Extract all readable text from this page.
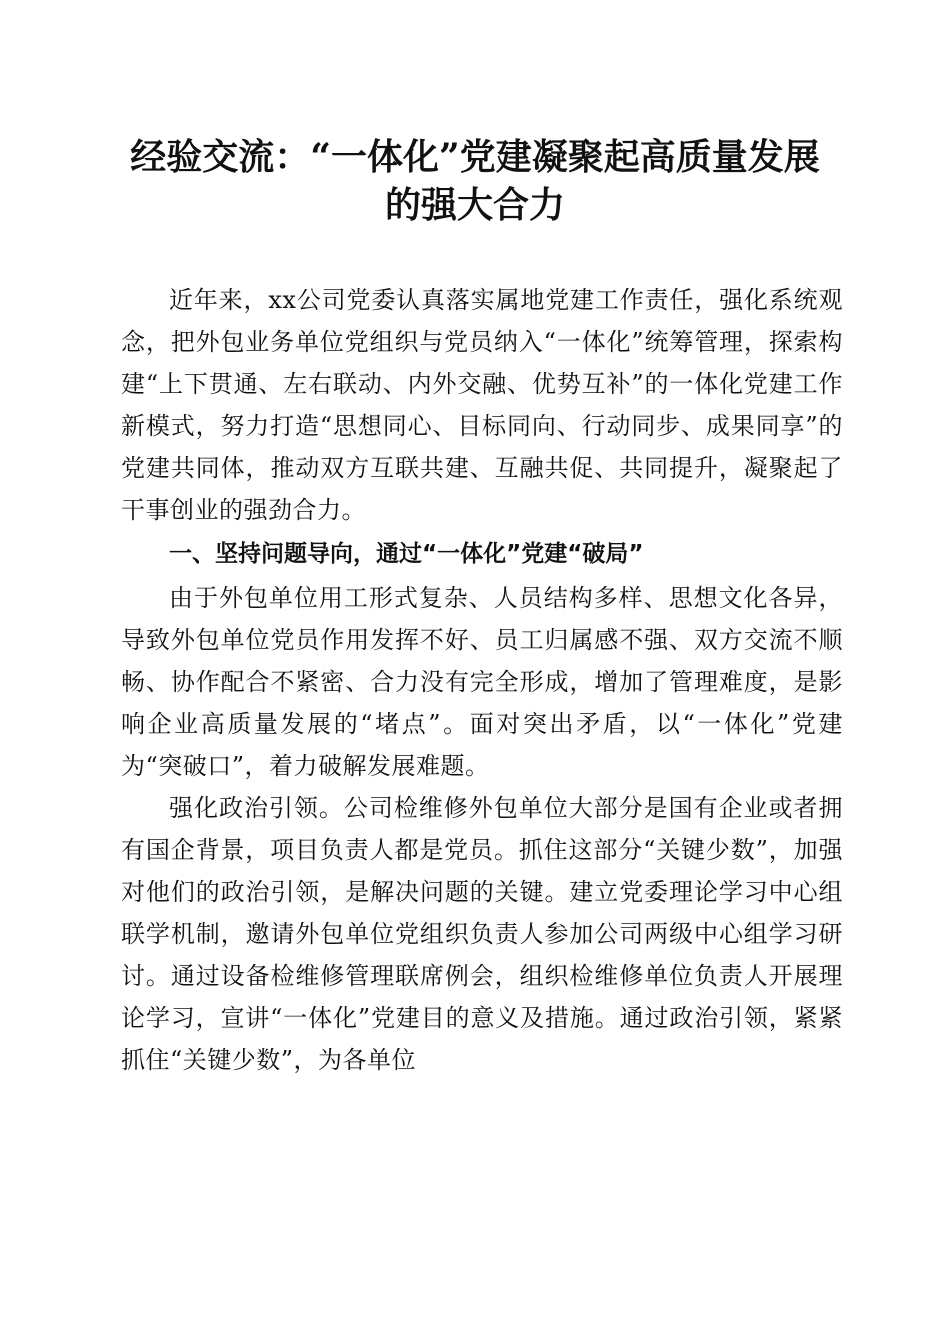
经验交流：“一体化”党建凝聚起高质量发展
的强大合力

近年来，xx公司党委认真落实属地党建工作责任，强化系统观念，把外包业务单位党组织与党员纳入“一体化”统筹管理，探索构建“上下贯通、左右联动、内外交融、优势互补”的一体化党建工作新模式，努力打造“思想同心、目标同向、行动同步、成果同享”的党建共同体，推动双方互联共建、互融共促、共同提升，凝聚起了干事创业的强劲合力。

一、坚持问题导向，通过“一体化”党建“破局”

由于外包单位用工形式复杂、人员结构多样、思想文化各异，导致外包单位党员作用发挥不好、员工归属感不强、双方交流不顺畅、协作配合不紧密、合力没有完全形成，增加了管理难度，是影响企业高质量发展的“堵点”。面对突出矛盾，以“一体化”党建为“突破口”，着力破解发展难题。

强化政治引领。公司检维修外包单位大部分是国有企业或者拥有国企背景，项目负责人都是党员。抓住这部分“关键少数”，加强对他们的政治引领，是解决问题的关键。建立党委理论学习中心组联学机制，邀请外包单位党组织负责人参加公司两级中心组学习研讨。通过设备检维修管理联席例会，组织检维修单位负责人开展理论学习，宣讲“一体化”党建目的意义及措施。通过政治引领，紧紧抓住“关键少数”，为各单位
